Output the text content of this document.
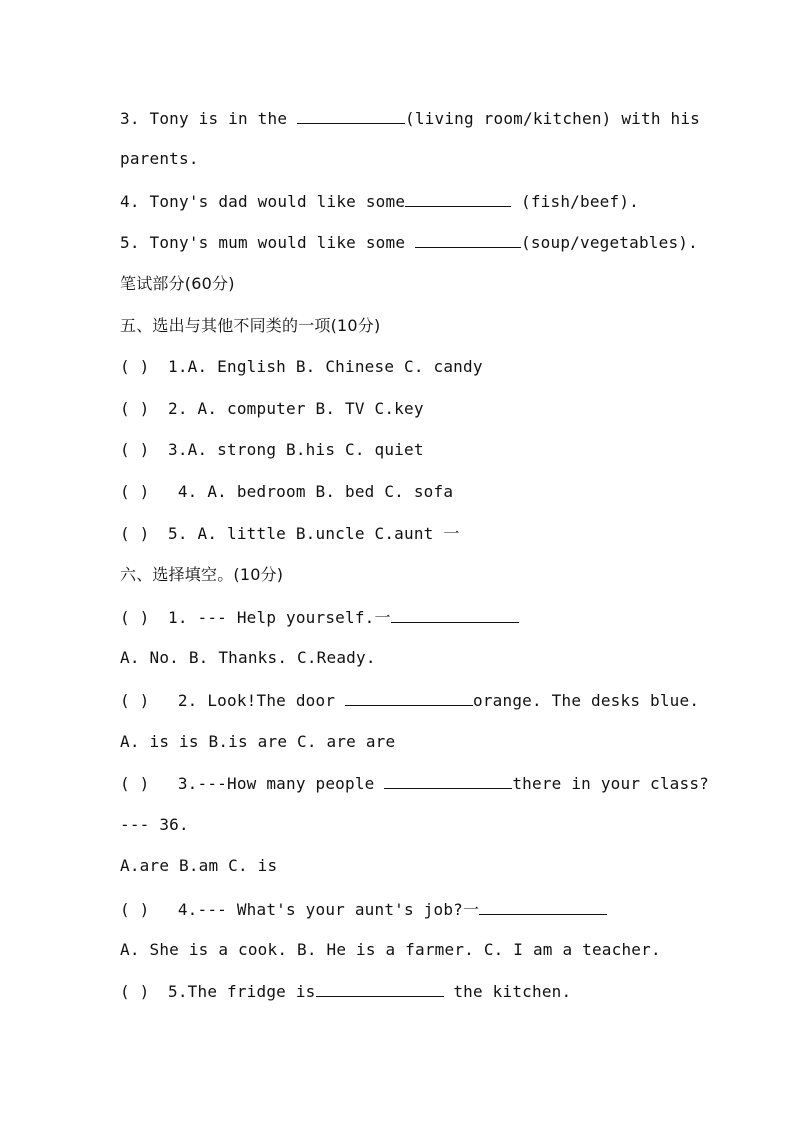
3. Tony is in the	(living room/kitchen) with his
parents.
4. Tony's dad would like some	(fish/beef).
5. Tony's mum would like some	(soup/vegetables).
笔试部分(60分)
五、选出与其他不同类的一项(10分)
( ) 1.A. English B. Chinese C. candy
( ) 2. A. computer B. TV C.key
( ) 3.A. strong B.his C. quiet
( ) 4. A. bedroom B. bed C. sofa
( ) 5. A. little B.uncle C.aunt 一
六、选择填空。(10分)
( ) 1. --- Help yourself.一
A. No. B. Thanks. C.Ready.
( ) 2. Look!The door	orange. The desks blue.
A. is is B.is are C. are are
( ) 3.---How many people	there in your class?
--- 36.
A.are B.am C. is
( ) 4.--- What's your aunt's job?一
A. She is a cook. B. He is a farmer. C. I am a teacher.
( ) 5.The fridge is	the kitchen.
